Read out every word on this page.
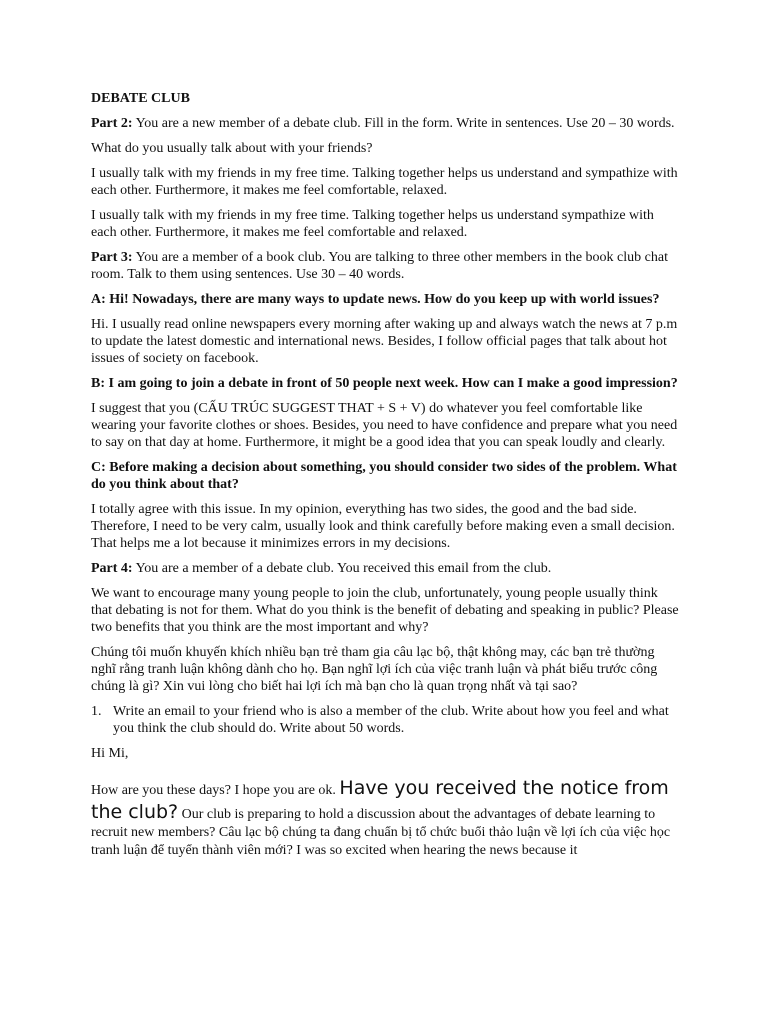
DEBATE CLUB

Part 2: You are a new member of a debate club. Fill in the form. Write in sentences. Use 20 – 30 words.

What do you usually talk about with your friends?

I usually talk with my friends in my free time. Talking together helps us understand and sympathize with each other. Furthermore, it makes me feel comfortable, relaxed.

I usually talk with my friends in my free time. Talking together helps us understand sympathize with each other. Furthermore, it makes me feel comfortable and relaxed.

Part 3: You are a member of a book club. You are talking to three other members in the book club chat room. Talk to them using sentences. Use 30 – 40 words.

A: Hi! Nowadays, there are many ways to update news. How do you keep up with world issues?

Hi. I usually read online newspapers every morning after waking up and always watch the news at 7 p.m to update the latest domestic and international news. Besides, I follow official pages that talk about hot issues of society on facebook.

B: I am going to join a debate in front of 50 people next week. How can I make a good impression?

I suggest that you (CẤU TRÚC SUGGEST THAT + S + V) do whatever you feel comfortable like wearing your favorite clothes or shoes. Besides, you need to have confidence and prepare what you need to say on that day at home. Furthermore, it might be a good idea that you can speak loudly and clearly.

C: Before making a decision about something, you should consider two sides of the problem. What do you think about that?

I totally agree with this issue. In my opinion, everything has two sides, the good and the bad side. Therefore, I need to be very calm, usually look and think carefully before making even a small decision. That helps me a lot because it minimizes errors in my decisions.

Part 4: You are a member of a debate club. You received this email from the club.

We want to encourage many young people to join the club, unfortunately, young people usually think that debating is not for them. What do you think is the benefit of debating and speaking in public? Please two benefits that you think are the most important and why?

Chúng tôi muốn khuyến khích nhiều bạn trẻ tham gia câu lạc bộ, thật không may, các bạn trẻ thường nghĩ rằng tranh luận không dành cho họ. Bạn nghĩ lợi ích của việc tranh luận và phát biểu trước công chúng là gì? Xin vui lòng cho biết hai lợi ích mà bạn cho là quan trọng nhất và tại sao?

1. Write an email to your friend who is also a member of the club. Write about how you feel and what you think the club should do. Write about 50 words.

Hi Mi,

How are you these days? I hope you are ok. Have you received the notice from the club? Our club is preparing to hold a discussion about the advantages of debate learning to recruit new members? Câu lạc bộ chúng ta đang chuẩn bị tổ chức buổi thảo luận về lợi ích của việc học tranh luận để tuyển thành viên mới? I was so excited when hearing the news because it
